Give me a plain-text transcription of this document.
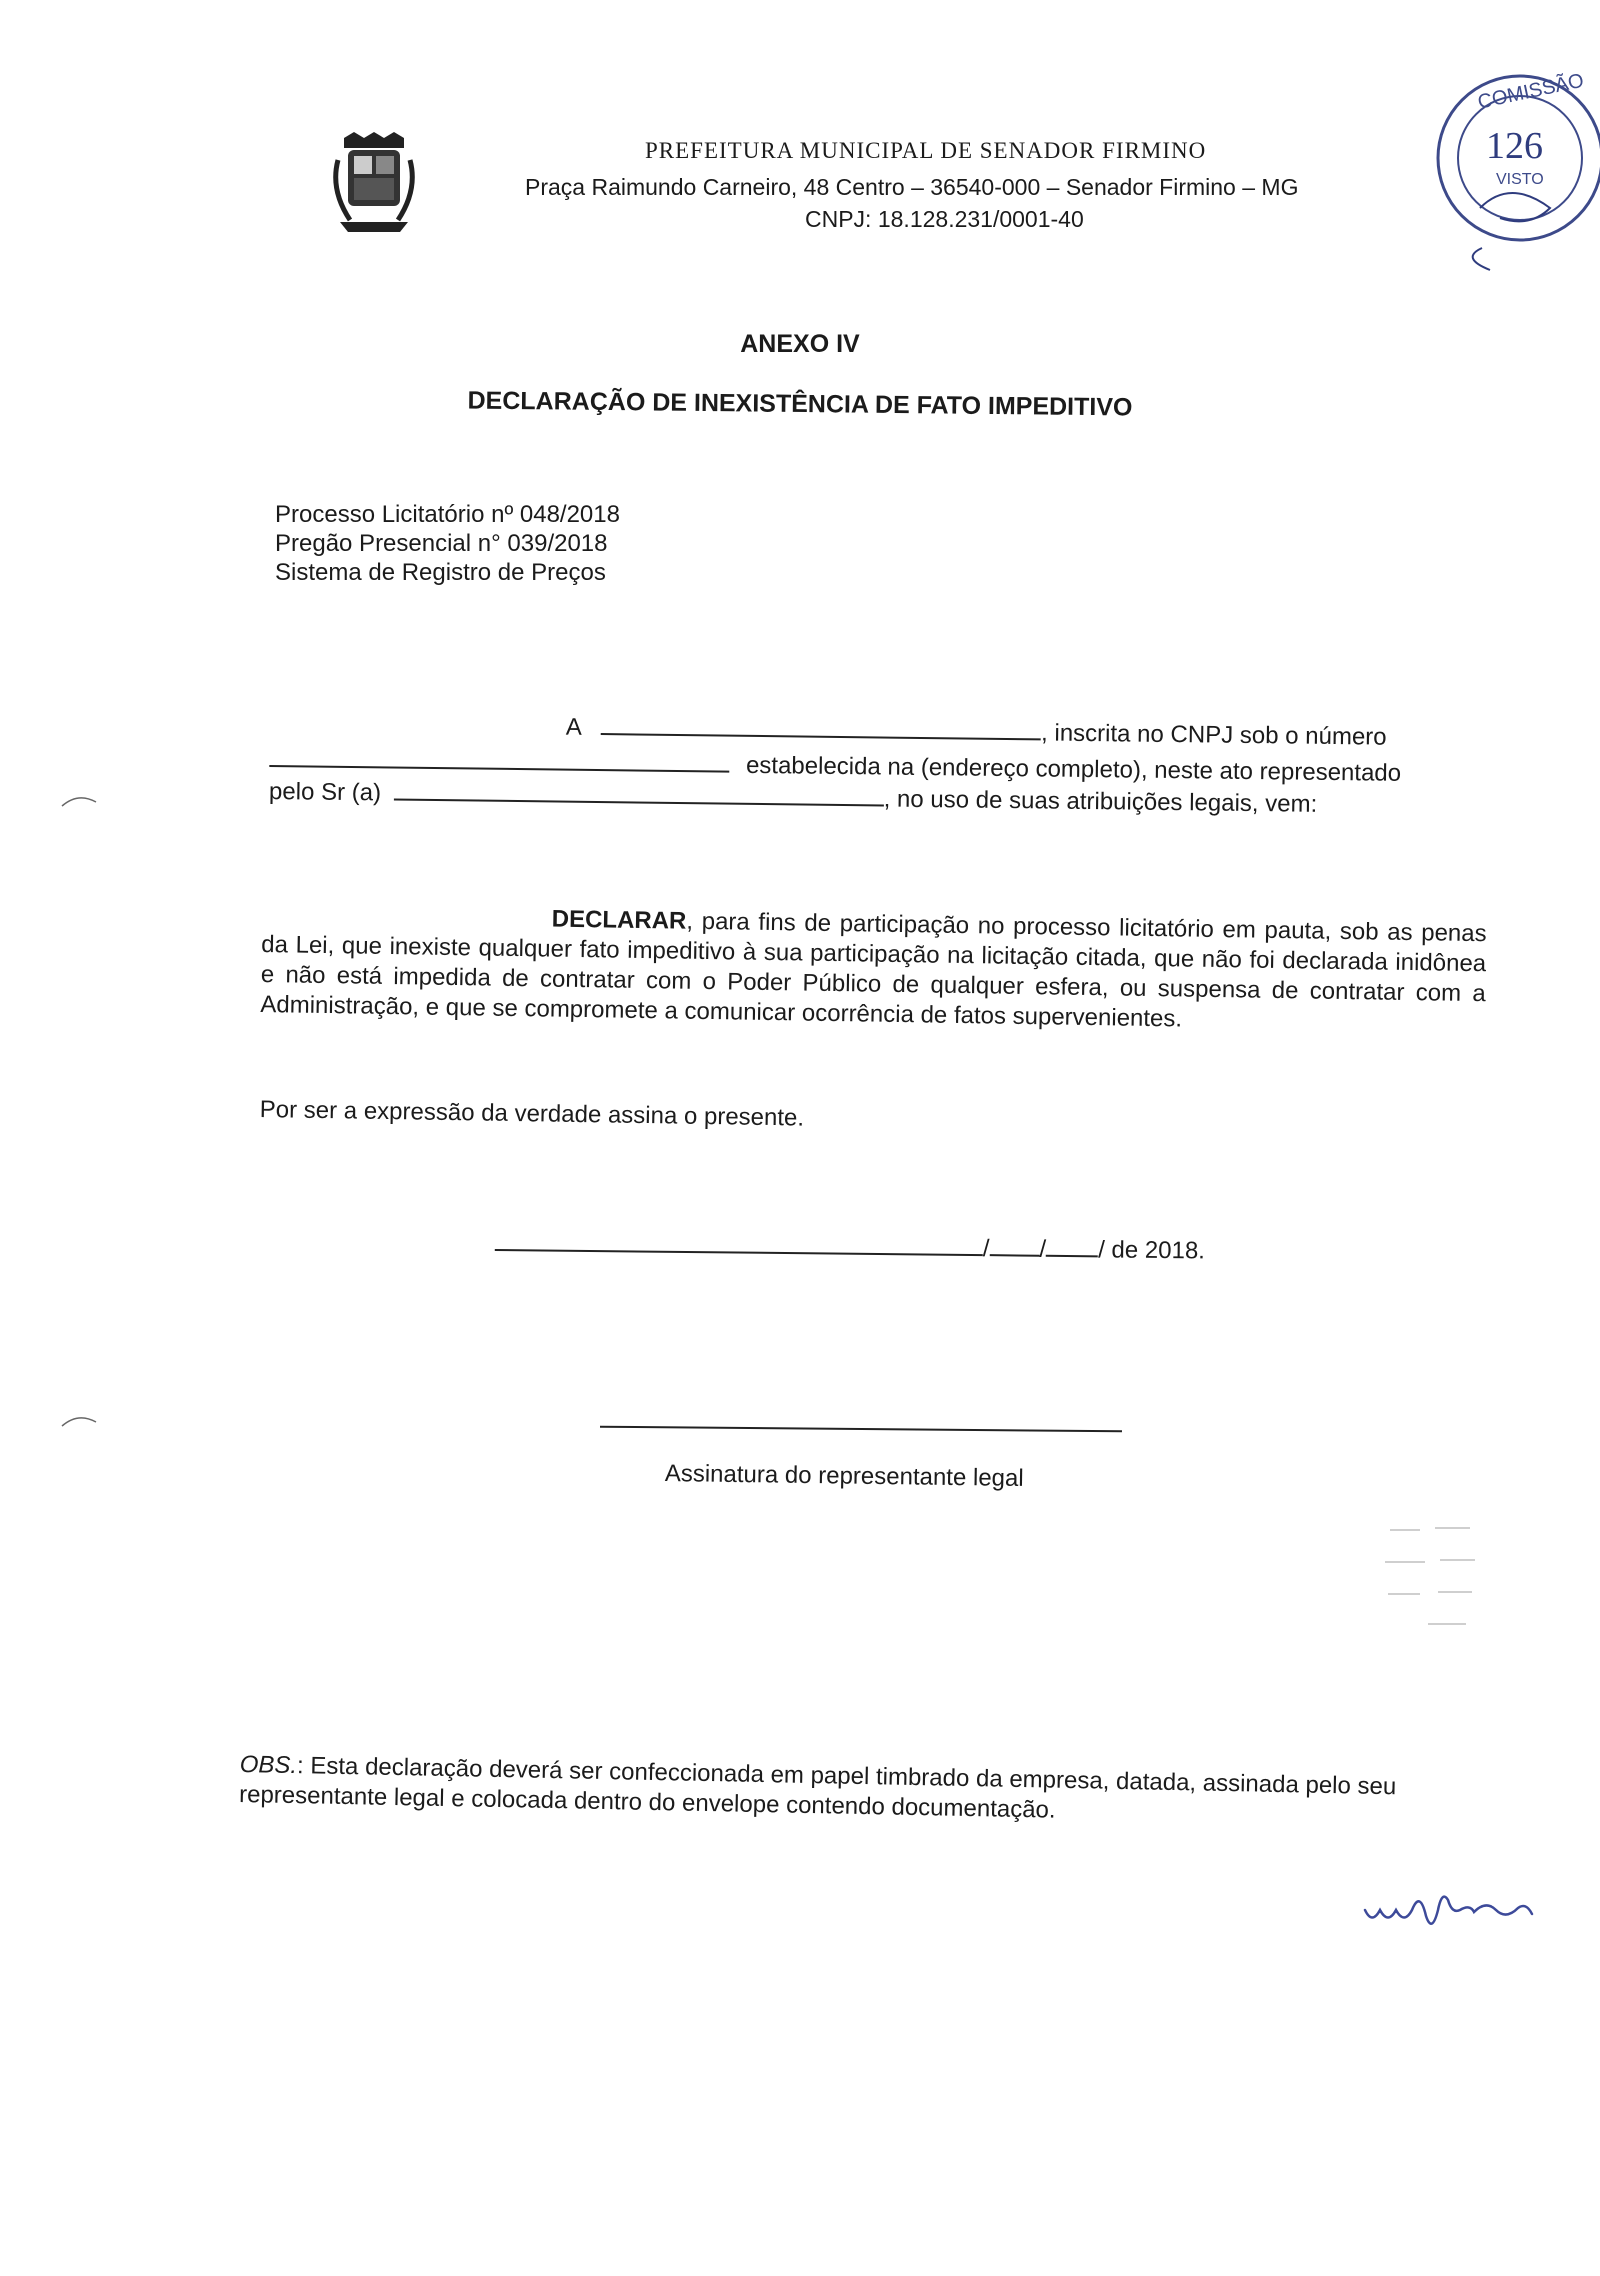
PREFEITURA MUNICIPAL DE SENADOR FIRMINO
Praça Raimundo Carneiro, 48 Centro – 36540-000 – Senador Firmino – MG
CNPJ: 18.128.231/0001-40
COMISSÃO
126
VISTO
ANEXO IV
DECLARAÇÃO DE INEXISTÊNCIA DE FATO IMPEDITIVO
Processo Licitatório nº 048/2018
Pregão Presencial n° 039/2018
Sistema de Registro de Preços
A	, inscrita no CNPJ sob o número
estabelecida na (endereço completo), neste ato representado
pelo Sr (a)	, no uso de suas atribuições legais, vem:
DECLARAR, para fins de participação no processo licitatório em pauta, sob as penas da Lei, que inexiste qualquer fato impeditivo à sua participação na licitação citada, que não foi declarada inidônea e não está impedida de contratar com o Poder Público de qualquer esfera, ou suspensa de contratar com a Administração, e que se compromete a comunicar ocorrência de fatos supervenientes.
Por ser a expressão da verdade assina o presente.
/ / / de 2018.
Assinatura do representante legal
OBS.: Esta declaração deverá ser confeccionada em papel timbrado da empresa, datada, assinada pelo seu representante legal e colocada dentro do envelope contendo documentação.
